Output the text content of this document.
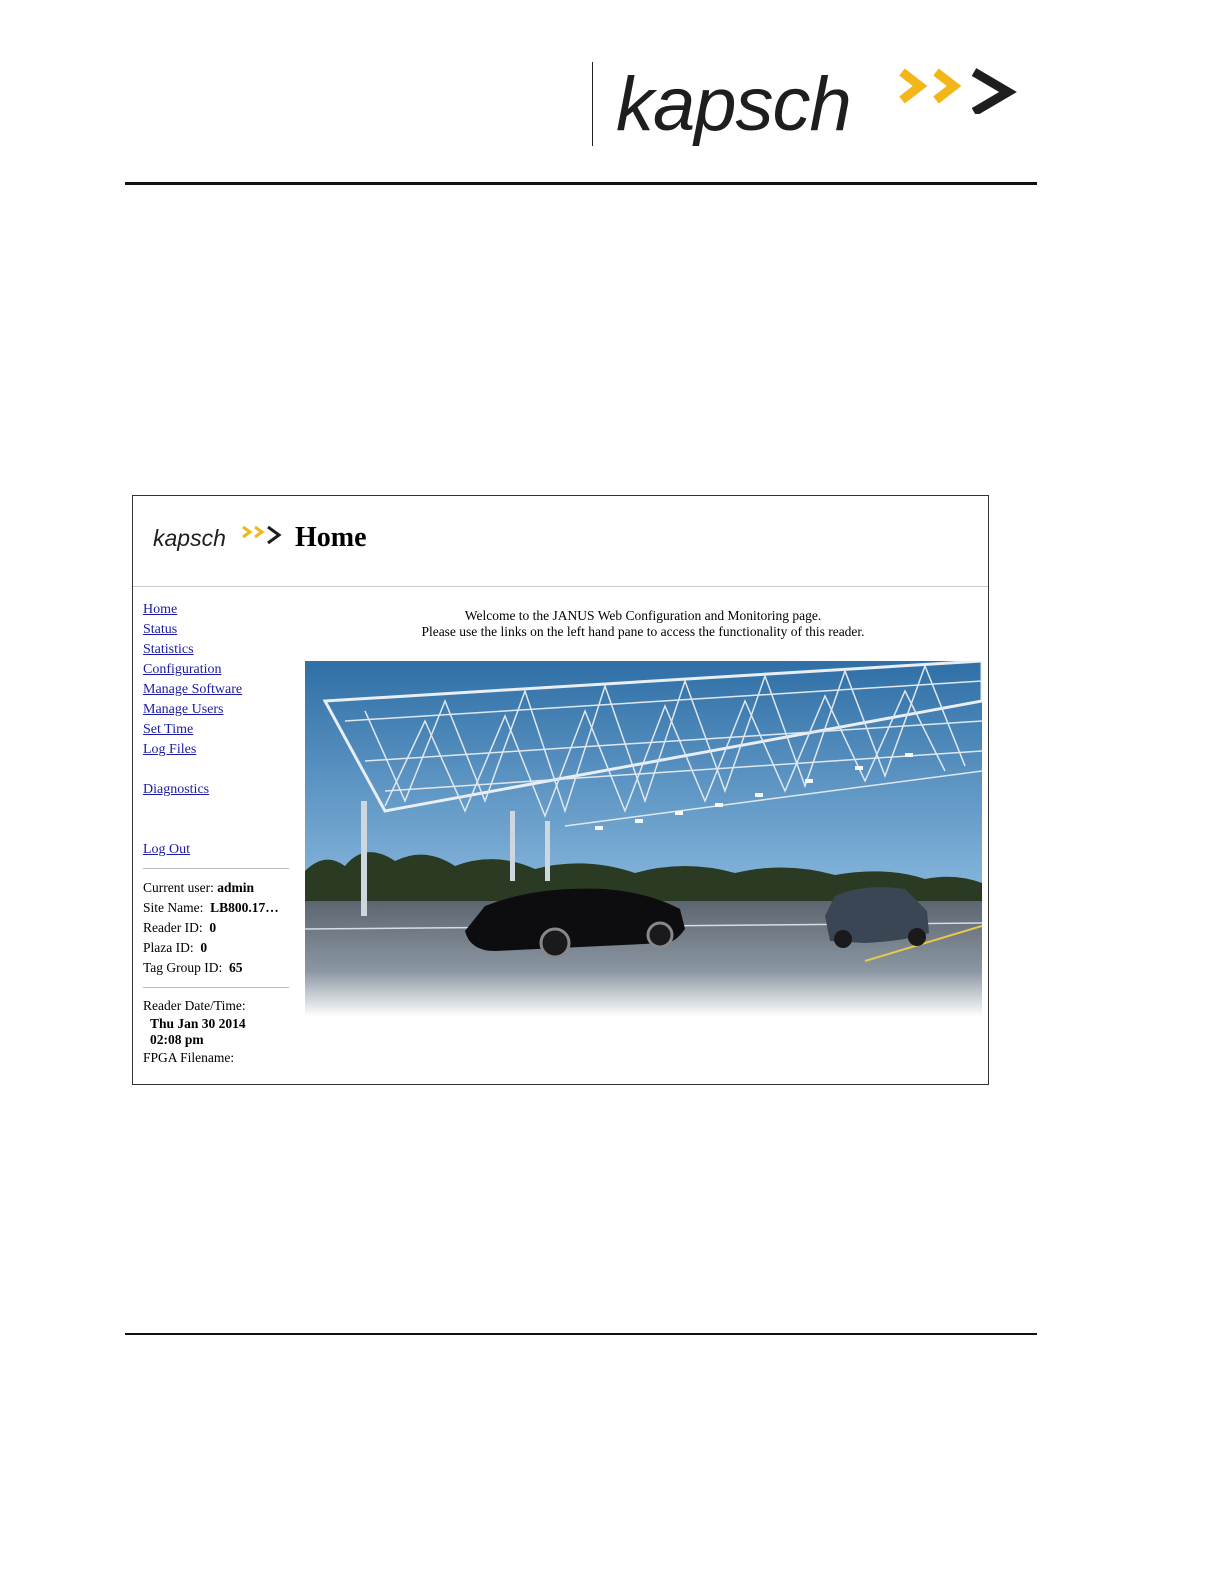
kapsch
kapsch Home
Home
Status
Statistics
Configuration
Manage Software
Manage Users
Set Time
Log Files
Diagnostics
Log Out
Current user: admin
Site Name: LB800.17…
Reader ID: 0
Plaza ID: 0
Tag Group ID: 65
Reader Date/Time:
Thu Jan 30 2014
02:08 pm
FPGA Filename:
Welcome to the JANUS Web Configuration and Monitoring page.
Please use the links on the left hand pane to access the functionality of this reader.
